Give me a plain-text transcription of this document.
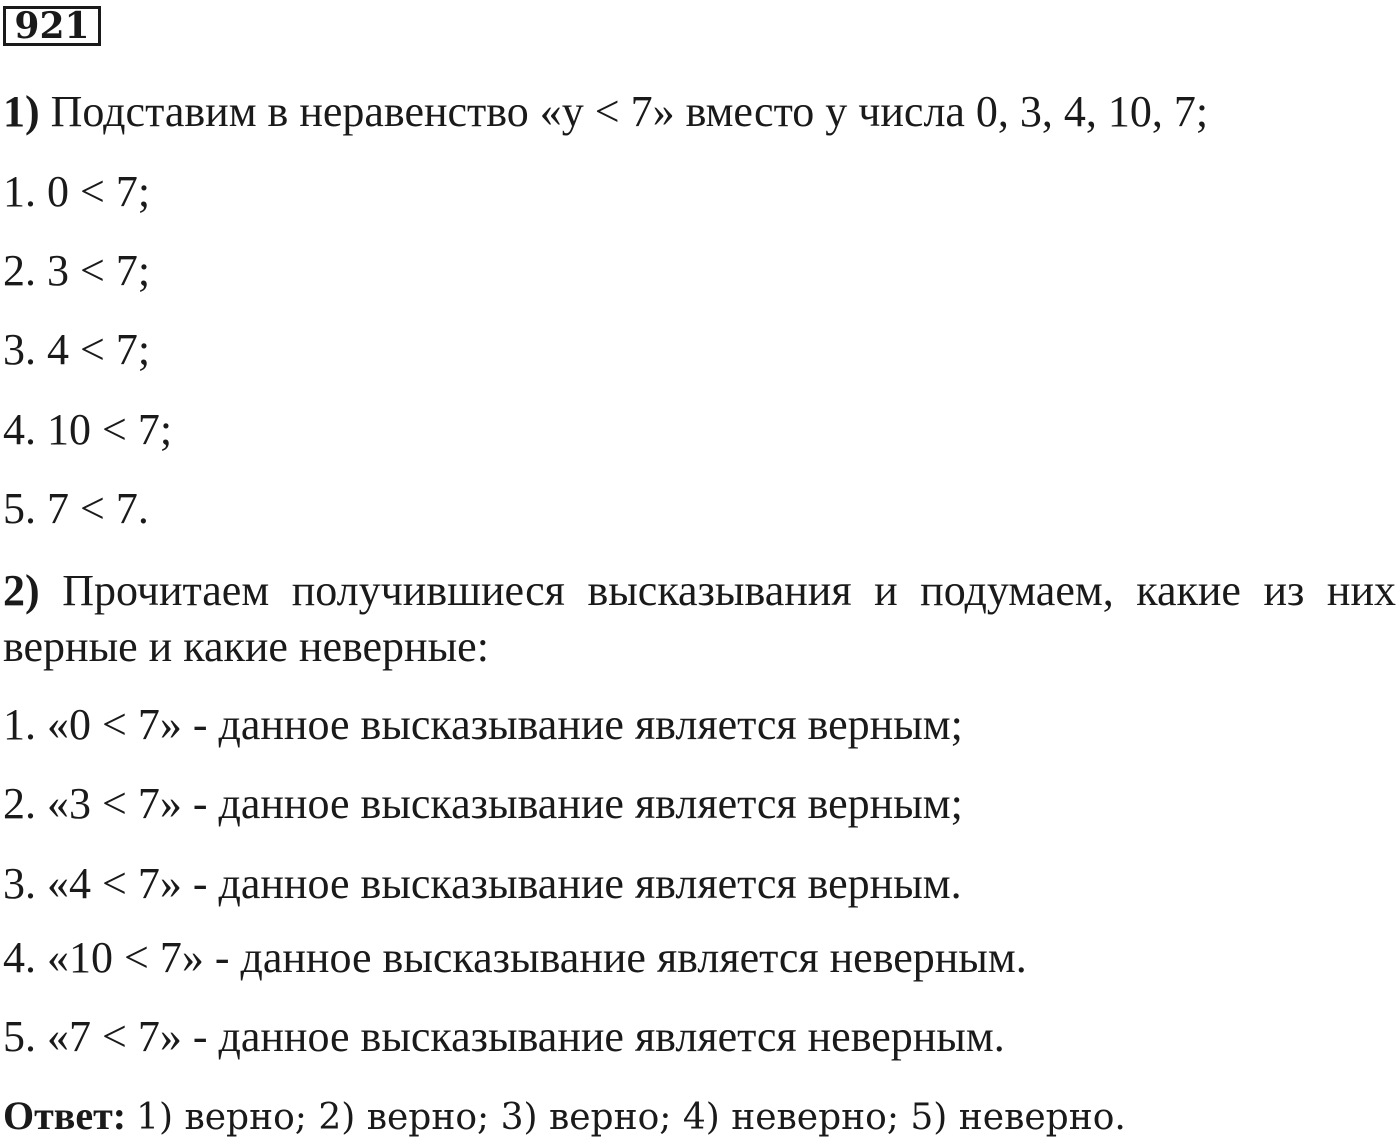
921

1) Подставим в неравенство «y < 7» вместо y числа 0, 3, 4, 10, 7;

1. 0 < 7;

2. 3 < 7;

3. 4 < 7;

4. 10 < 7;

5. 7 < 7.

2) Прочитаем получившиеся высказывания и подумаем, какие из них верные и какие неверные:

1. «0 < 7» - данное высказывание является верным;

2. «3 < 7» - данное высказывание является верным;

3. «4 < 7» - данное высказывание является верным.

4. «10 < 7» - данное высказывание является неверным.

5. «7 < 7» - данное высказывание является неверным.

Ответ: 1) верно; 2) верно; 3) верно; 4) неверно; 5) неверно.
